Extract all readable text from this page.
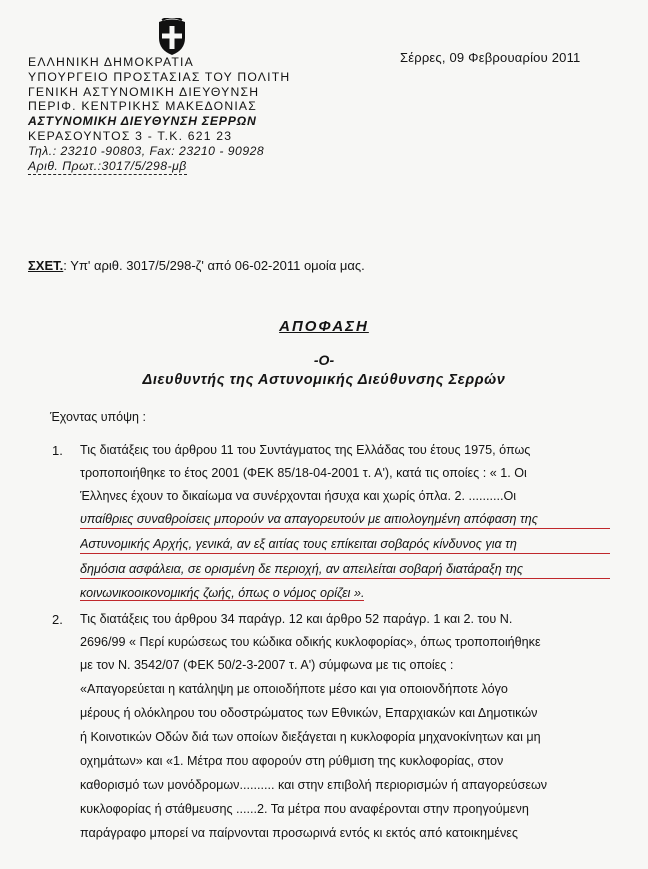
ΕΛΛΗΝΙΚΗ ΔΗΜΟΚΡΑΤΙΑ
ΥΠΟΥΡΓΕΙΟ ΠΡΟΣΤΑΣΙΑΣ ΤΟΥ ΠΟΛΙΤΗ
ΓΕΝΙΚΗ ΑΣΤΥΝΟΜΙΚΗ ΔΙΕΥΘΥΝΣΗ
ΠΕΡΙΦ. ΚΕΝΤΡΙΚΗΣ ΜΑΚΕΔΟΝΙΑΣ
ΑΣΤΥΝΟΜΙΚΗ ΔΙΕΥΘΥΝΣΗ ΣΕΡΡΩΝ
ΚΕΡΑΣΟΥΝΤΟΣ 3 - Τ.Κ. 621 23
Τηλ.: 23210 -90803, Fax: 23210 - 90928
Αριθ. Πρωτ.:3017/5/298-μβ
Σέρρες, 09 Φεβρουαρίου 2011
ΣΧΕΤ.: Υπ' αριθ. 3017/5/298-ζ' από 06-02-2011 ομοία μας.
ΑΠΟΦΑΣΗ
-Ο-
Διευθυντής της Αστυνομικής Διεύθυνσης Σερρών
Έχοντας υπόψη :
1. Τις διατάξεις του άρθρου 11 του Συντάγματος της Ελλάδας του έτους 1975, όπως
τροποποιήθηκε το έτος 2001 (ΦΕΚ 85/18-04-2001 τ. Α'), κατά τις οποίες : « 1. Οι
Έλληνες έχουν το δικαίωμα να συνέρχονται ήσυχα και χωρίς όπλα. 2. ..........Οι
υπαίθριες συναθροίσεις μπορούν να απαγορευτούν με αιτιολογημένη απόφαση της
Αστυνομικής Αρχής, γενικά, αν εξ αιτίας τους επίκειται σοβαρός κίνδυνος για τη
δημόσια ασφάλεια, σε ορισμένη δε περιοχή, αν απειλείται σοβαρή διατάραξη της
κοινωνικοοικονομικής ζωής, όπως ο νόμος ορίζει ».
2. Τις διατάξεις του άρθρου 34 παράγρ. 12 και άρθρο 52 παράγρ. 1 και 2. του Ν.
2696/99 « Περί κυρώσεως του κώδικα οδικής κυκλοφορίας», όπως τροποποιήθηκε
με τον Ν. 3542/07 (ΦΕΚ 50/2-3-2007 τ. Α') σύμφωνα με τις οποίες :
«Απαγορεύεται η κατάληψη με οποιοδήποτε μέσο και για οποιονδήποτε λόγο
μέρους ή ολόκληρου του οδοστρώματος των Εθνικών, Επαρχιακών και Δημοτικών
ή Κοινοτικών Οδών διά των οποίων διεξάγεται η κυκλοφορία μηχανοκίνητων και μη
οχημάτων» και «1. Μέτρα που αφορούν στη ρύθμιση της κυκλοφορίας, στον
καθορισμό των μονόδρομων.......... και στην επιβολή περιορισμών ή απαγορεύσεων
κυκλοφορίας ή στάθμευσης ......2. Τα μέτρα που αναφέρονται στην προηγούμενη
παράγραφο μπορεί να παίρνονται προσωρινά εντός κι εκτός από κατοικημένες
